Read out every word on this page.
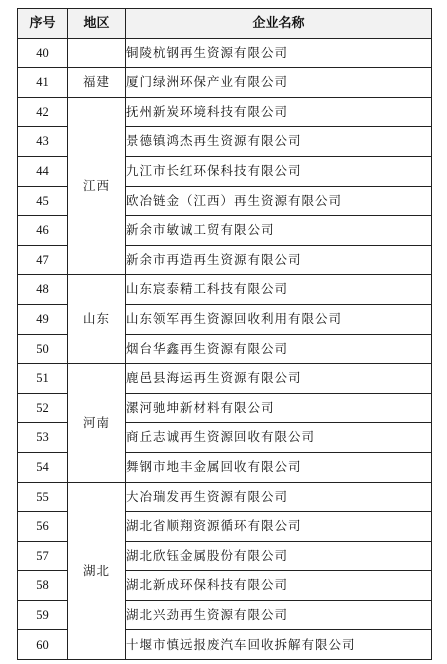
序号	地区	企业名称
40		铜陵杭钢再生资源有限公司
41	福建	厦门绿洲环保产业有限公司
42	江西	抚州新炭环境科技有限公司
43		景德镇鸿杰再生资源有限公司
44		九江市长红环保科技有限公司
45		欧冶链金（江西）再生资源有限公司
46		新余市敏诚工贸有限公司
47		新余市再造再生资源有限公司
48	山东	山东宸泰精工科技有限公司
49		山东领军再生资源回收利用有限公司
50		烟台华鑫再生资源有限公司
51	河南	鹿邑县海运再生资源有限公司
52		漯河驰坤新材料有限公司
53		商丘志诚再生资源回收有限公司
54		舞钢市地丰金属回收有限公司
55	湖北	大冶瑞发再生资源有限公司
56		湖北省顺翔资源循环有限公司
57		湖北欣钰金属股份有限公司
58		湖北新成环保科技有限公司
59		湖北兴劲再生资源有限公司
60		十堰市慎远报废汽车回收拆解有限公司
